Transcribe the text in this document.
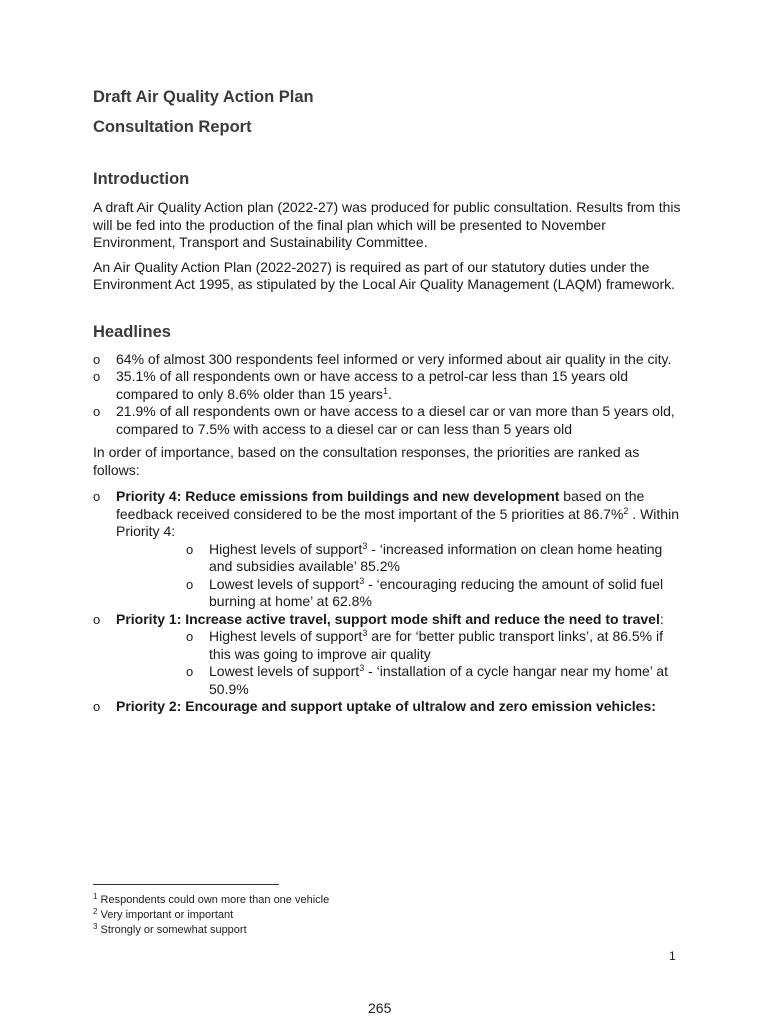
Draft Air Quality Action Plan
Consultation Report
Introduction

A draft Air Quality Action plan (2022-27) was produced for public consultation. Results from this will be fed into the production of the final plan which will be presented to November Environment, Transport and Sustainability Committee.

An Air Quality Action Plan (2022-2027) is required as part of our statutory duties under the Environment Act 1995, as stipulated by the Local Air Quality Management (LAQM) framework.

Headlines
o 64% of almost 300 respondents feel informed or very informed about air quality in the city.
o 35.1% of all respondents own or have access to a petrol-car less than 15 years old compared to only 8.6% older than 15 years$^1$.
o 21.9% of all respondents own or have access to a diesel car or van more than 5 years old, compared to 7.5% with access to a diesel car or can less than 5 years old

In order of importance, based on the consultation responses, the priorities are ranked as follows:

o Priority 4: Reduce emissions from buildings and new development based on the feedback received considered to be the most important of the 5 priorities at 86.7%$^2$ . Within Priority 4:
o Highest levels of support$^3$ - ‘increased information on clean home heating and subsidies available’ 85.2%
o Lowest levels of support$^3$ - ‘encouraging reducing the amount of solid fuel burning at home’ at 62.8%
o Priority 1: Increase active travel, support mode shift and reduce the need to travel:
o Highest levels of support$^3$ are for ‘better public transport links’, at 86.5% if this was going to improve air quality
o Lowest levels of support$^3$ - ‘installation of a cycle hangar near my home’ at 50.9%
o Priority 2: Encourage and support uptake of ultralow and zero emission vehicles:
$^1$ Respondents could own more than one vehicle
$^2$ Very important or important
$^3$ Strongly or somewhat support
1
265
